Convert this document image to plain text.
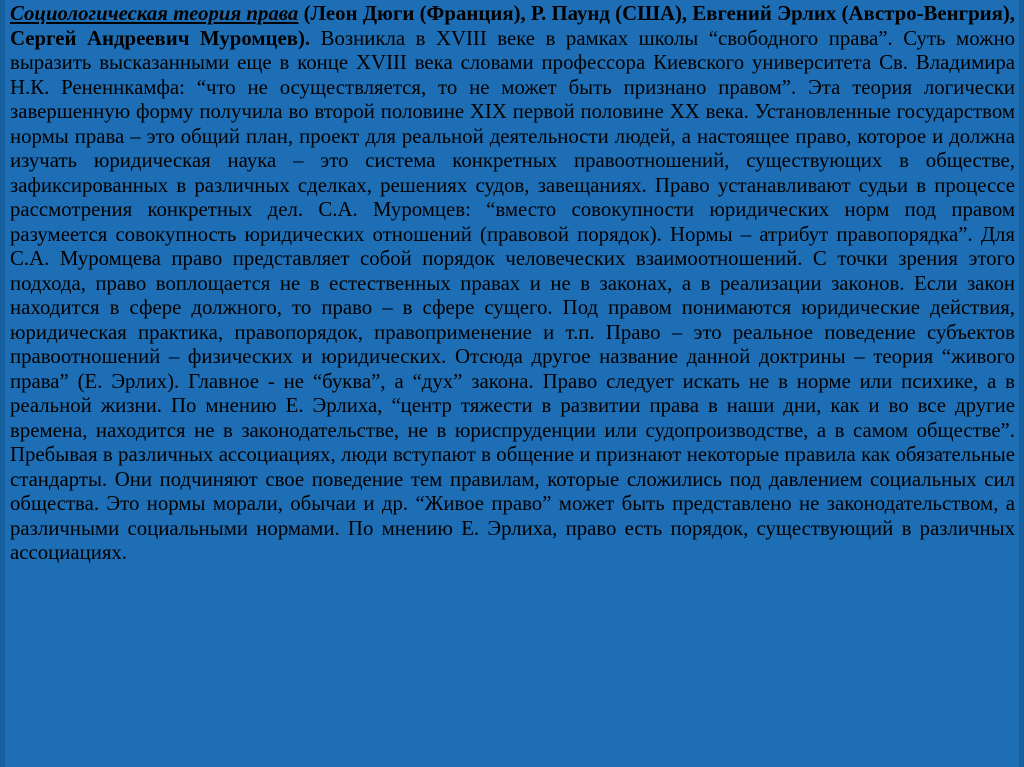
Социологическая теория права (Леон Дюги (Франция), Р. Паунд (США), Евгений Эрлих (Австро-Венгрия), Сергей Андреевич Муромцев). Возникла в XVIII веке в рамках школы “свободного права”. Суть можно выразить высказанными еще в конце XVIII века словами профессора Киевского университета Св. Владимира Н.К. Рененнкамфа: “что не осуществляется, то не может быть признано правом”. Эта теория логически завершенную форму получила во второй половине XIX первой половине XX века. Установленные государством нормы права – это общий план, проект для реальной деятельности людей, а настоящее право, которое и должна изучать юридическая наука – это система конкретных правоотношений, существующих в обществе, зафиксированных в различных сделках, решениях судов, завещаниях. Право устанавливают судьи в процессе рассмотрения конкретных дел. С.А. Муромцев: “вместо совокупности юридических норм под правом разумеется совокупность юридических отношений (правовой порядок). Нормы – атрибут правопорядка”. Для С.А. Муромцева право представляет собой порядок человеческих взаимоотношений. С точки зрения этого подхода, право воплощается не в естественных правах и не в законах, а в реализации законов. Если закон находится в сфере должного, то право – в сфере сущего. Под правом понимаются юридические действия, юридическая практика, правопорядок, правоприменение и т.п. Право – это реальное поведение субъектов правоотношений – физических и юридических. Отсюда другое название данной доктрины – теория “живого права” (Е. Эрлих). Главное - не “буква”, а “дух” закона. Право следует искать не в норме или психике, а в реальной жизни. По мнению Е. Эрлиха, “центр тяжести в развитии права в наши дни, как и во все другие времена, находится не в законодательстве, не в юриспруденции или судопроизводстве, а в самом обществе”. Пребывая в различных ассоциациях, люди вступают в общение и признают некоторые правила как обязательные стандарты. Они подчиняют свое поведение тем правилам, которые сложились под давлением социальных сил общества. Это нормы морали, обычаи и др. “Живое право” может быть представлено не законодательством, а различными социальными нормами. По мнению Е. Эрлиха, право есть порядок, существующий в различных ассоциациях.
